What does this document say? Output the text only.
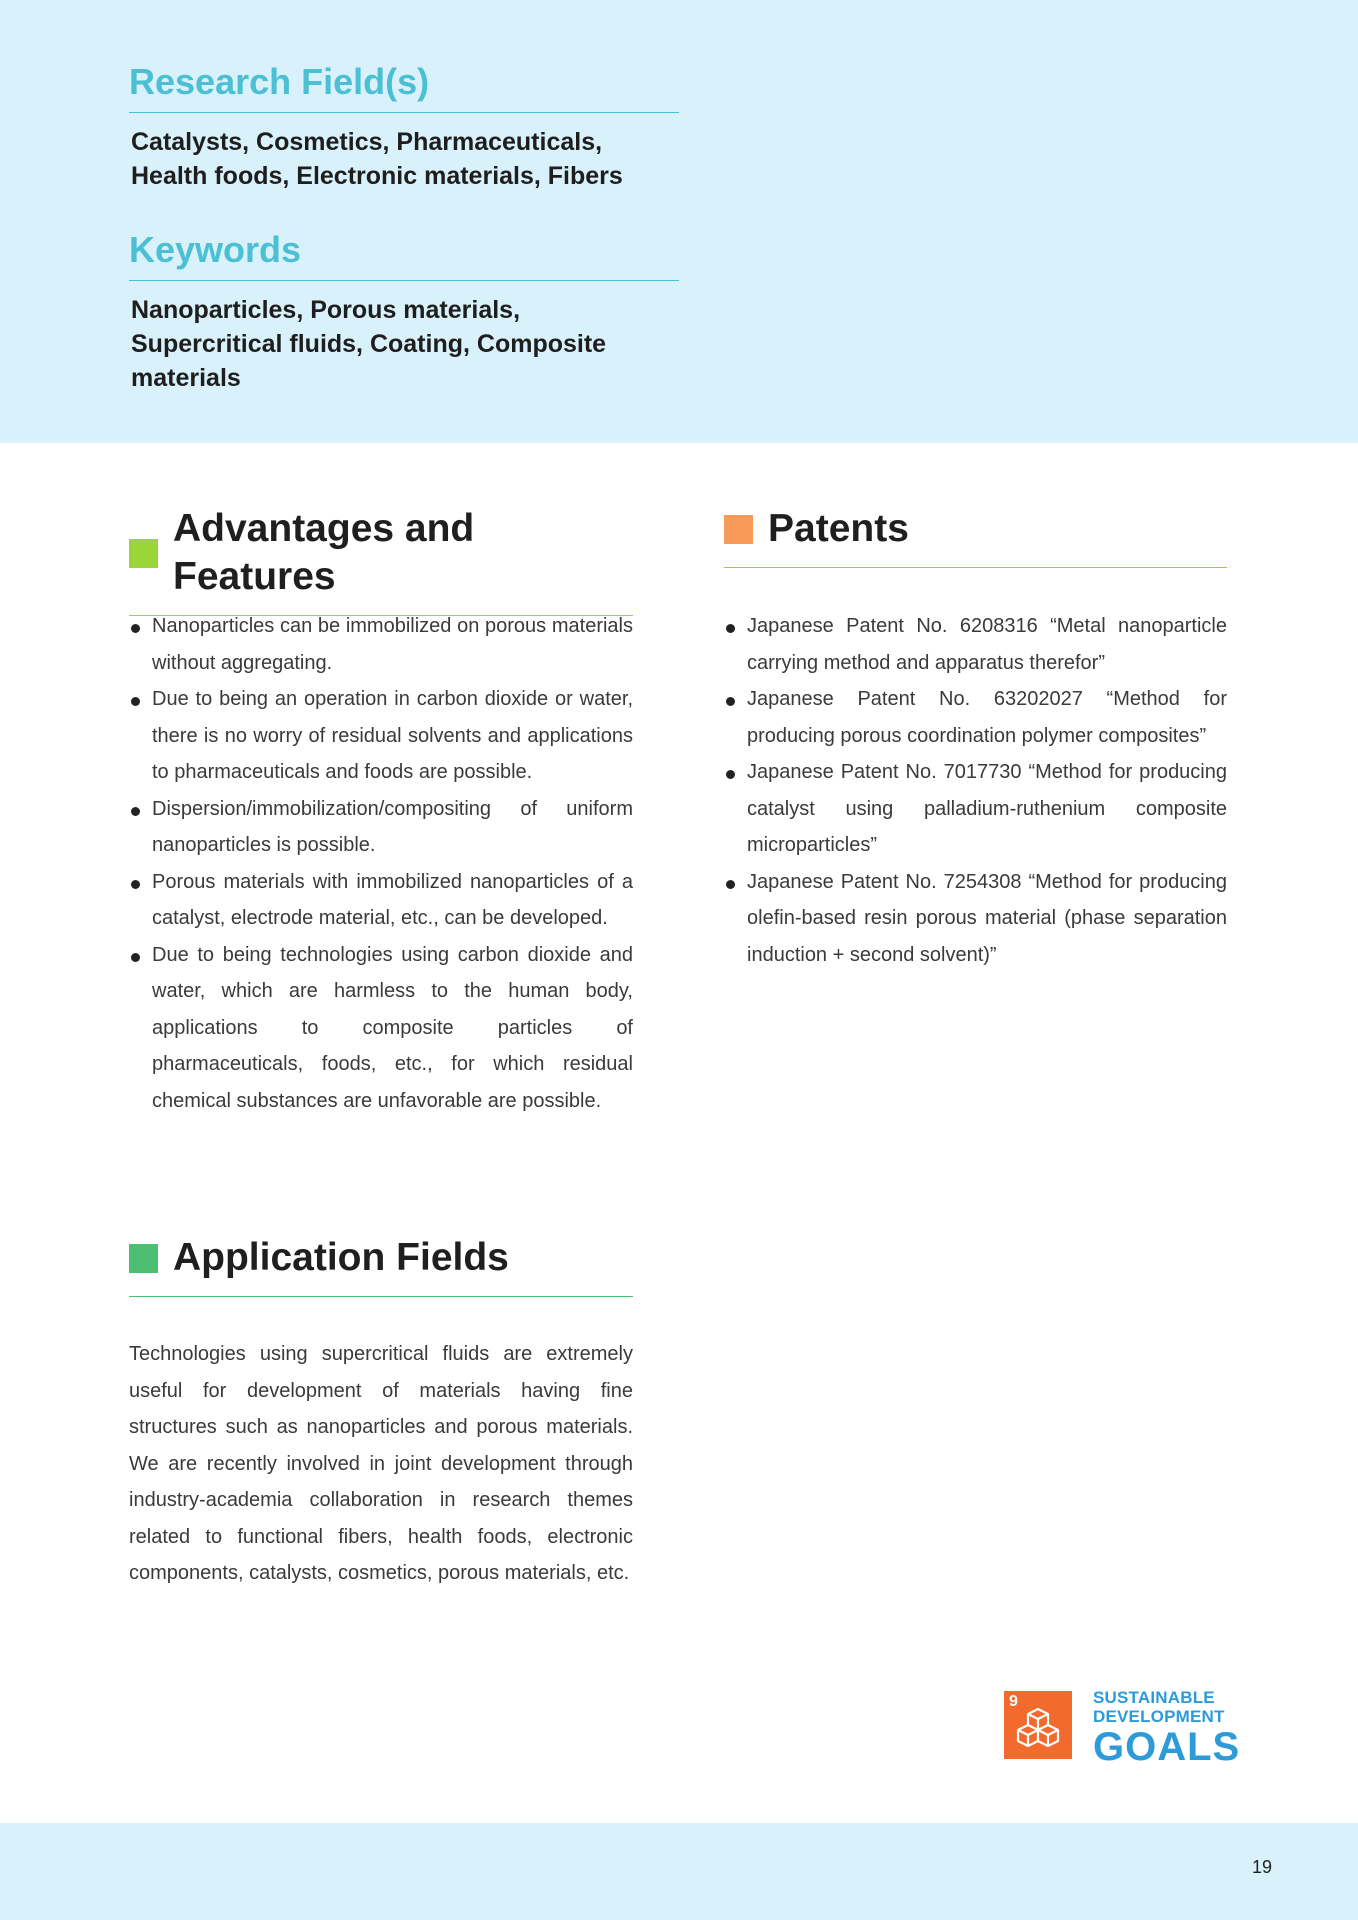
Research Field(s)
Catalysts, Cosmetics, Pharmaceuticals,
Health foods, Electronic materials, Fibers
Keywords
Nanoparticles, Porous materials,
Supercritical fluids, Coating, Composite
materials
Advantages and Features
Nanoparticles can be immobilized on porous materials without aggregating.
Due to being an operation in carbon dioxide or water, there is no worry of residual solvents and applications to pharmaceuticals and foods are possible.
Dispersion/immobilization/compositing of uniform nanoparticles is possible.
Porous materials with immobilized nanoparticles of a catalyst, electrode material, etc., can be developed.
Due to being technologies using carbon dioxide and water, which are harmless to the human body, applications to composite particles of pharmaceuticals, foods, etc., for which residual chemical substances are unfavorable are possible.
Patents
Japanese Patent No. 6208316 “Metal nanoparticle carrying method and apparatus therefor”
Japanese Patent No. 63202027 “Method for producing porous coordination polymer composites”
Japanese Patent No. 7017730 “Method for producing catalyst using palladium-ruthenium composite microparticles”
Japanese Patent No. 7254308 “Method for producing olefin-based resin porous material (phase separation induction + second solvent)”
Application Fields

Technologies using supercritical fluids are extremely useful for development of materials having fine structures such as nanoparticles and porous materials. We are recently involved in joint development through industry-academia collaboration in research themes related to functional fibers, health foods, electronic components, catalysts, cosmetics, porous materials, etc.

9	SUSTAINABLE
DEVELOPMENT
GOALS
19
